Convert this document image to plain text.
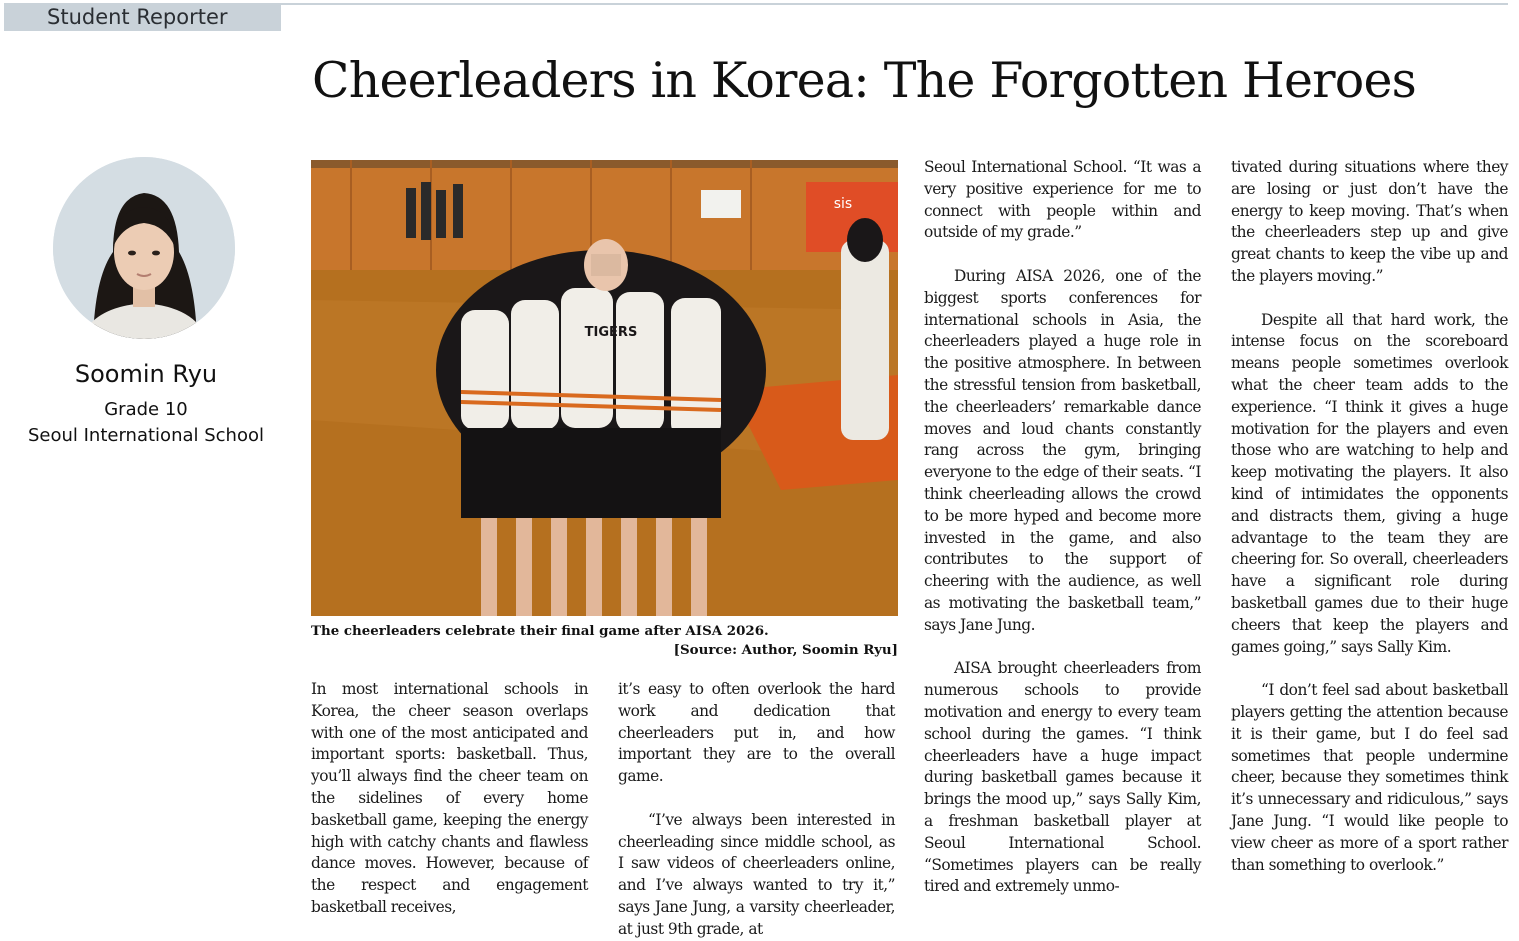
Student Reporter
Cheerleaders in Korea: The Forgotten Heroes
Soomin Ryu
Grade 10
Seoul International School
sis
TIGERS
The cheerleaders celebrate their final game after AISA 2026.
[Source: Author, Soomin Ryu]

In most international schools in Korea, the cheer season overlaps with one of the most anticipated and important sports: basketball. Thus, you’ll always find the cheer team on the sidelines of every home basketball game, keeping the energy high with catchy chants and flawless dance moves. However, because of the respect and engagement basketball receives,

it’s easy to often overlook the hard work and dedication that cheerleaders put in, and how important they are to the overall game.

“I’ve always been interested in cheerleading since middle school, as I saw videos of cheerleaders online, and I’ve always wanted to try it,” says Jane Jung, a varsity cheerleader, at just 9th grade, at

Seoul International School. “It was a very positive experience for me to connect with people within and outside of my grade.”

During AISA 2026, one of the biggest sports conferences for international schools in Asia, the cheerleaders played a huge role in the positive atmosphere. In between the stressful tension from basketball, the cheerleaders’ remarkable dance moves and loud chants constantly rang across the gym, bringing everyone to the edge of their seats. “I think cheerleading allows the crowd to be more hyped and become more invested in the game, and also contributes to the support of cheering with the audience, as well as motivating the basketball team,” says Jane Jung.

AISA brought cheerleaders from numerous schools to provide motivation and energy to every team school during the games. “I think cheerleaders have a huge impact during basketball games because it brings the mood up,” says Sally Kim, a freshman basketball player at Seoul International School. “Sometimes players can be really tired and extremely unmo-

tivated during situations where they are losing or just don’t have the energy to keep moving. That’s when the cheerleaders step up and give great chants to keep the vibe up and the players moving.”

Despite all that hard work, the intense focus on the scoreboard means people sometimes overlook what the cheer team adds to the experience. “I think it gives a huge motivation for the players and even those who are watching to help and keep motivating the players. It also kind of intimidates the opponents and distracts them, giving a huge advantage to the team they are cheering for. So overall, cheerleaders have a significant role during basketball games due to their huge cheers that keep the players and games going,” says Sally Kim.

“I don’t feel sad about basketball players getting the attention because it is their game, but I do feel sad sometimes that people undermine cheer, because they sometimes think it’s unnecessary and ridiculous,” says Jane Jung. “I would like people to view cheer as more of a sport rather than something to overlook.”
